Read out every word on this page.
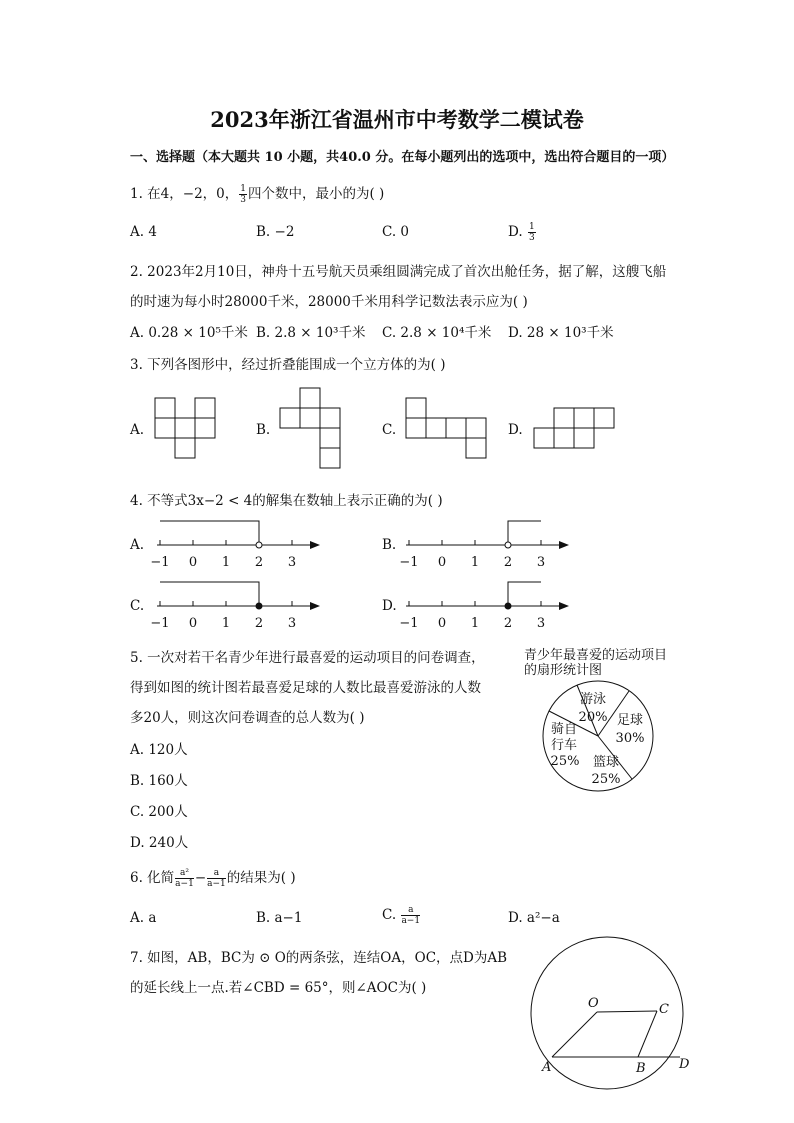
2023年浙江省温州市中考数学二模试卷
一、选择题（本大题共 10 小题，共40.0 分。在每小题列出的选项中，选出符合题目的一项）
1. 在4，−2，0， $\frac{1}{3}$ 四个数中，最小的为( )
A. 4	B. −2	C. 0	D. $\frac{1}{3}$
2. 2023年2月10日，神舟十五号航天员乘组圆满完成了首次出舱任务，据了解，这艘飞船
的时速为每小时28000千米，28000千米用科学记数法表示应为( )
A. 0.28 × 10⁵千米 B. 2.8 × 10³千米 C. 2.8 × 10⁴千米 D. 28 × 10³千米
3. 下列各图形中，经过折叠能围成一个立方体的为( )
A.	B.	C.	D.
4. 不等式3x−2 < 4的解集在数轴上表示正确的为( )
A.	B.
C.	D.
−1 0 1 2 3	−1 0 1 2 3
−1 0 1 2 3	−1 0 1 2 3
5. 一次对若干名青少年进行最喜爱的运动项目的问卷调查，
得到如图的统计图若最喜爱足球的人数比最喜爱游泳的人数
多20人，则这次问卷调查的总人数为( )
A. 120人
B. 160人
C. 200人
D. 240人
青少年最喜爱的运动项目
的扇形统计图
游泳
20% 足球
30%
篮球
25%
骑自
行车
25%
6. 化简 $\frac{\text{a²}}{a-1} - \frac{a}{a-1}$ 的结果为( )
A. a	B. a−1	C. $\frac{a}{a-1}$	D. a²−a
7. 如图，AB，BC为 ⊙ O的两条弦，连结OA，OC，点D为AB
的延长线上一点.若∠CBD = 65°，则∠AOC为( )
O	C
A	B	D
